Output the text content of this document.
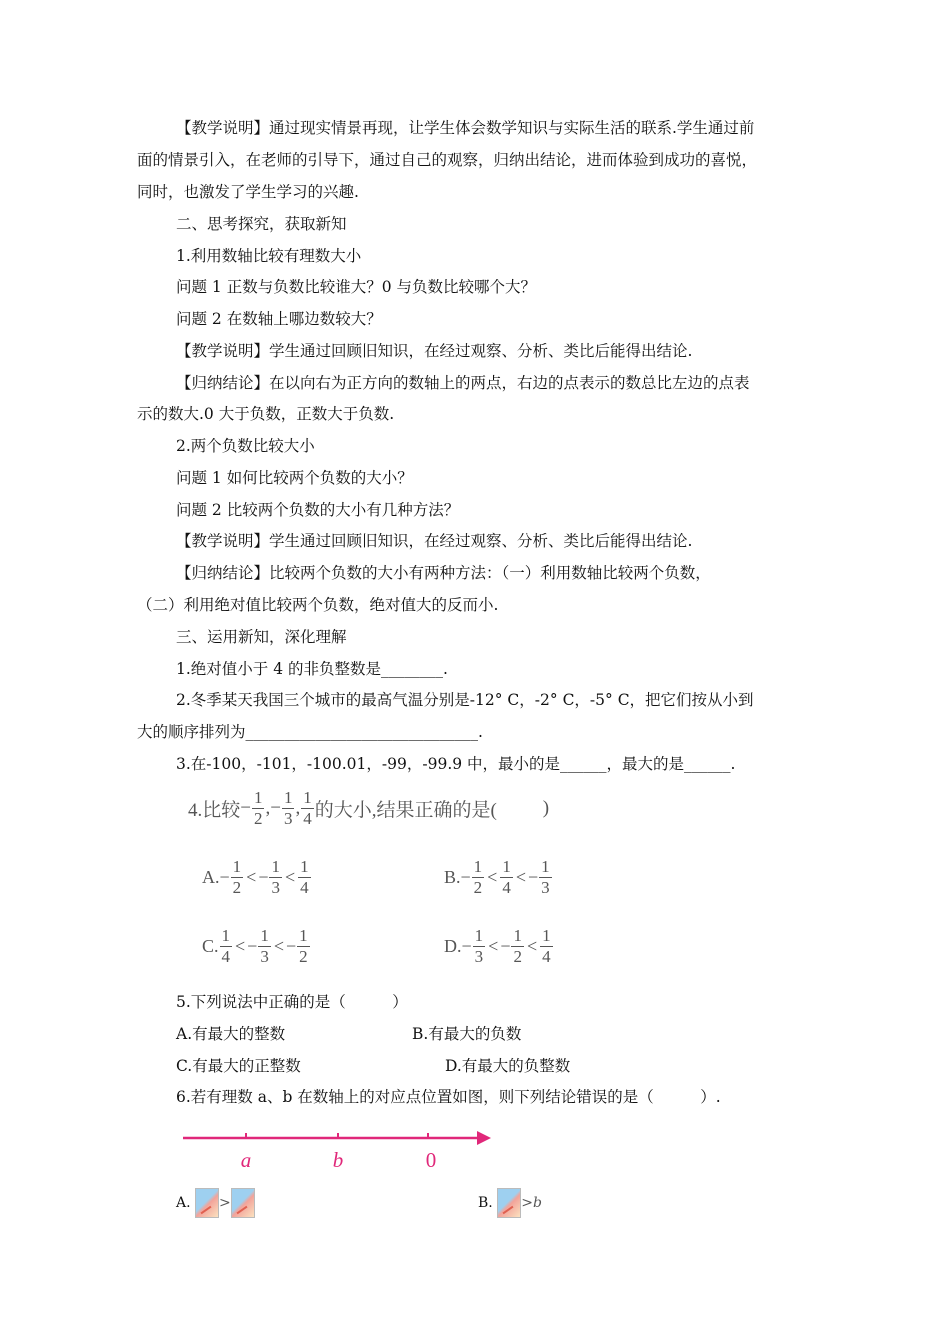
【教学说明】通过现实情景再现，让学生体会数学知识与实际生活的联系.学生通过前
面的情景引入，在老师的引导下，通过自己的观察，归纳出结论，进而体验到成功的喜悦，
同时，也激发了学生学习的兴趣.
二、思考探究，获取新知
1.利用数轴比较有理数大小
问题 1 正数与负数比较谁大？0 与负数比较哪个大？
问题 2 在数轴上哪边数较大？
【教学说明】学生通过回顾旧知识，在经过观察、分析、类比后能得出结论.
【归纳结论】在以向右为正方向的数轴上的两点，右边的点表示的数总比左边的点表
示的数大.0 大于负数，正数大于负数.
2.两个负数比较大小
问题 1 如何比较两个负数的大小？
问题 2 比较两个负数的大小有几种方法？
【教学说明】学生通过回顾旧知识，在经过观察、分析、类比后能得出结论.
【归纳结论】比较两个负数的大小有两种方法：（一）利用数轴比较两个负数，
（二）利用绝对值比较两个负数，绝对值大的反而小.
三、运用新知，深化理解
1.绝对值小于 4 的非负整数是________.
2.冬季某天我国三个城市的最高气温分别是-12° C，-2° C，-5° C，把它们按从小到
大的顺序排列为______________________________.
3.在-100，-101，-100.01，-99，-99.9 中，最小的是______，最大的是______.
4.比较− $\frac{1}{2}$ ,− $\frac{1}{3}$ , $\frac{1}{4}$ 的大小,结果正确的是( )
$A.- \frac{1}{2}$ < − $\frac{1}{3} < \frac{1}{4}$	$B.- \frac{1}{2} < \frac{1}{4}$ < − $\frac{1}{3}$
C. $\frac{1}{4}$ < − $\frac{1}{3}$ < − $\frac{1}{2}$	$D.- \frac{1}{3}$ < − $\frac{1}{2} < \frac{1}{4}$
5.下列说法中正确的是（　　　）
A.有最大的整数	B.有最大的负数
C.有最大的正整数	D.有最大的负整数
6.若有理数 a、b 在数轴上的对应点位置如图，则下列结论错误的是（　　　）.
a	b	0
A. >	B. >b
